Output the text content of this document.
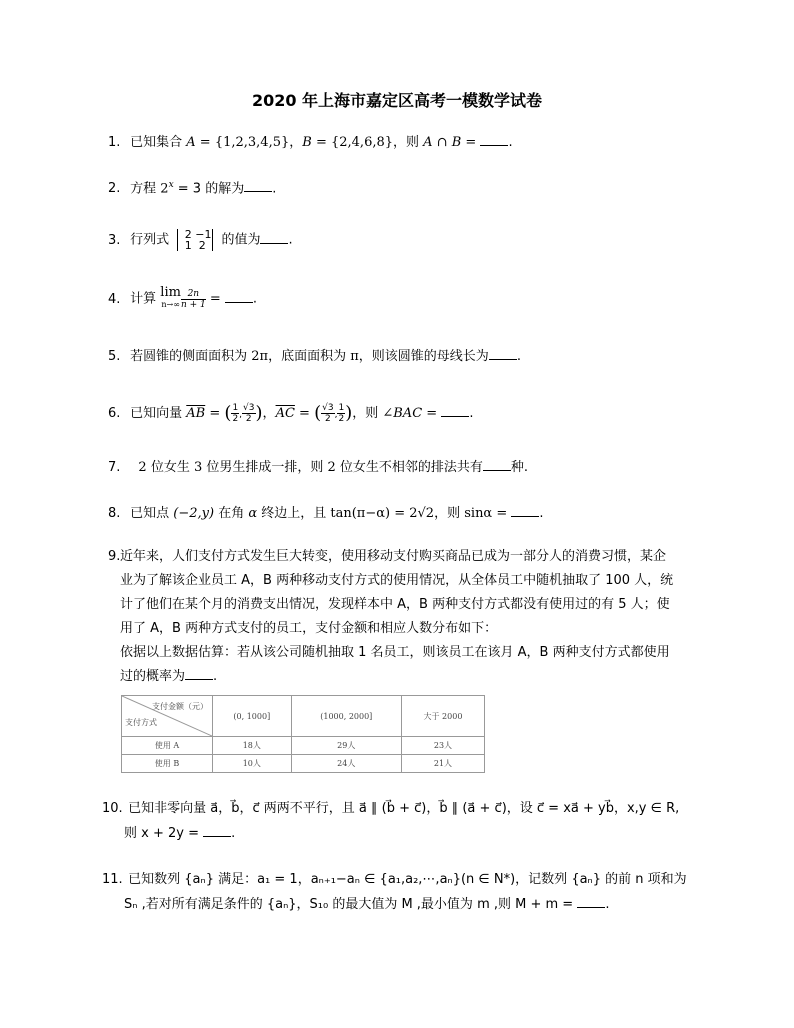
2020 年上海市嘉定区高考一模数学试卷
1. 已知集合 A = {1,2,3,4,5}，B = {2,4,6,8}，则 A ∩ B = .
2. 方程 $2^x = 3$ 的解为 .
3. 行列式 2 −1
1 2 的值为 .
4. 计算 lim
$n\to\infty \frac{2n}{n + 1}$ = .
5. 若圆锥的侧面面积为 2π，底面面积为 π，则该圆锥的母线长为 .
6. 已知向量 $\overline{AB}$ = ( $\frac{1}{2}$ , $\frac{√3}{2}$ )，$\overline{AC}$ = ( $\frac{√3}{2}$ , $\frac{1}{2}$ )，则 ∠BAC = .
7. 2 位女生 3 位男生排成一排，则 2 位女生不相邻的排法共有 种.
8. 已知点 (−2,y) 在角 α 终边上，且 tan(π−α) = 2√2，则 sinα = .
9. 近年来，人们支付方式发生巨大转变，使用移动支付购买商品已成为一部分人的消费习惯，某企
业为了解该企业员工 A，B 两种移动支付方式的使用情况，从全体员工中随机抽取了 100 人，统
计了他们在某个月的消费支出情况，发现样本中 A，B 两种支付方式都没有使用过的有 5 人；使
用了 A，B 两种方式支付的员工，支付金额和相应人数分布如下：
依据以上数据估算：若从该公司随机抽取 1 名员工，则该员工在该月 A，B 两种支付方式都使用
过的概率为 .
支付金额（元）
支付方式	(0, 1000]	(1000, 2000]	大于 2000
使用 A	18人	29人	23人
使用 B	10人	24人	21人
10. 已知非零向量 a⃗，b⃗，c⃗ 两两不平行，且 a⃗ ∥ (b⃗ + c⃗)，b⃗ ∥ (a⃗ + c⃗)，设 c⃗ = xa⃗ + yb⃗，x,y ∈ R,
则 x + 2y = .
11. 已知数列 {aₙ} 满足：a₁ = 1，aₙ₊₁−aₙ ∈ {a₁,a₂,⋯,aₙ}(n ∈ N*)，记数列 {aₙ} 的前 n 项和为
Sₙ ,若对所有满足条件的 {aₙ}，S₁₀ 的最大值为 M ,最小值为 m ,则 M + m = .
